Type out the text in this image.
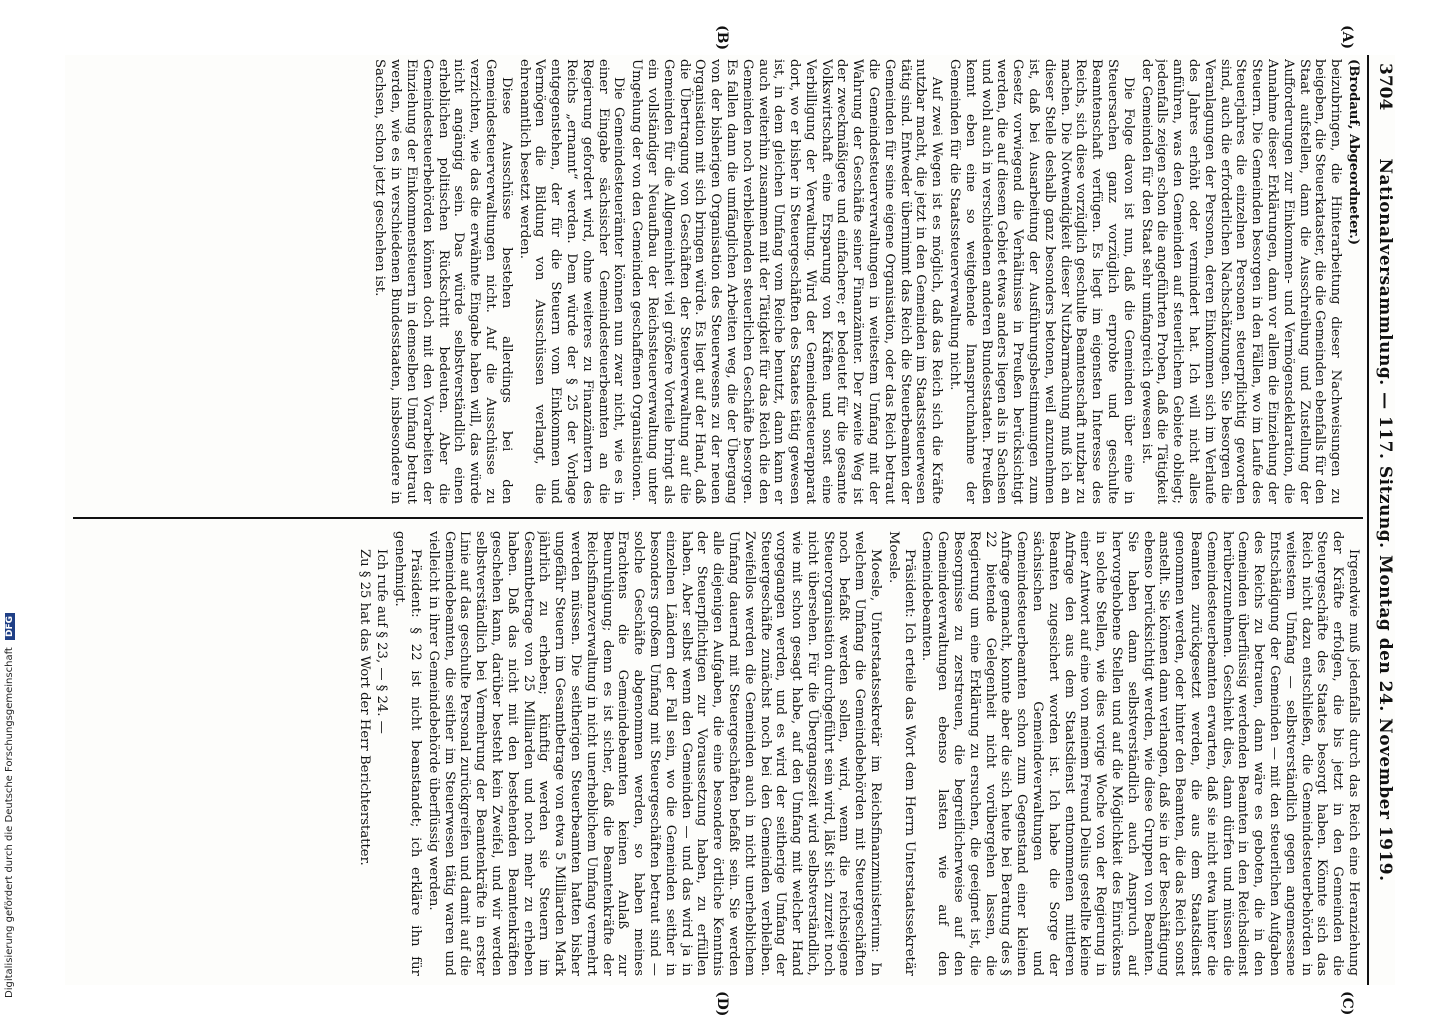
3704
Nationalversammlung. — 117. Sitzung. Montag den 24. November 1919.
(A)
(B)
(C)
(D)

(Brodauf, Abgeordneter.)

beizubringen, die Hinterarbeitung dieser Nachweisungen zu beigeben, die Steuerkataster, die die Gemeinden ebenfalls für den Staat aufstellen, dann die Ausschreibung und Zustellung der Aufforderungen zur Einkommen- und Vermögensdeklaration, die Annahme dieser Erklärungen, dann vor allem die Einziehung der Steuern. Die Gemeinden besorgen in den Fällen, wo im Laufe des Steuerjahres die einzelnen Personen steuerpflichtig geworden sind, auch die erforderlichen Nachschätzungen. Sie besorgen die Veranlagungen der Personen, deren Einkommen sich im Verlaufe des Jahres erhöht oder vermindert hat. Ich will nicht alles anführen, was den Gemeinden auf steuerlichem Gebiete obliegt; jedenfalls zeigen schon die angeführten Proben, daß die Tätigkeit der Gemeinden für den Staat sehr umfangreich gewesen ist.

Die Folge davon ist nun, daß die Gemeinden über eine in Steuersachen ganz vorzüglich erprobte und geschulte Beamtenschaft verfügen. Es liegt im eigensten Interesse des Reichs, sich diese vorzüglich geschulte Beamtenschaft nutzbar zu machen. Die Notwendigkeit dieser Nutzbarmachung muß ich an dieser Stelle deshalb ganz besonders betonen, weil anzunehmen ist, daß bei Ausarbeitung der Ausführungsbestimmungen zum Gesetz vorwiegend die Verhältnisse in Preußen berücksichtigt werden, die auf diesem Gebiet etwas anders liegen als in Sachsen und wohl auch in verschiedenen anderen Bundesstaaten. Preußen kennt eben eine so weitgehende Inanspruchnahme der Gemeinden für die Staatssteuerverwaltung nicht.

Auf zwei Wegen ist es möglich, daß das Reich sich die Kräfte nutzbar macht, die jetzt in den Gemeinden im Staatssteuerwesen tätig sind. Entweder übernimmt das Reich die Steuerbeamten der Gemeinden für seine eigene Organisation, oder das Reich betraut die Gemeindesteuerverwaltungen in weitestem Umfang mit der Wahrung der Geschäfte seiner Finanzämter. Der zweite Weg ist der zweckmäßigere und einfachere; er bedeutet für die gesamte Volkswirtschaft eine Ersparung von Kräften und sonst eine Verbilligung der Verwaltung. Wird der Gemeindesteuerapparat dort, wo er bisher in Steuergeschäften des Staates tätig gewesen ist, in dem gleichen Umfang vom Reiche benutzt, dann kann er auch weiterhin zusammen mit der Tätigkeit für das Reich die den Gemeinden noch verbleibenden steuerlichen Geschäfte besorgen. Es fallen dann die umfänglichen Arbeiten weg, die der Übergang von der bisherigen Organisation des Steuerwesens zu der neuen Organisation mit sich bringen würde. Es liegt auf der Hand, daß die Übertragung von Geschäften der Steuerverwaltung auf die Gemeinden für die Allgemeinheit viel größere Vorteile bringt als ein vollständiger Neuaufbau der Reichssteuerverwaltung unter Umgehung der von den Gemeinden geschaffenen Organisationen.

Die Gemeindesteuerämter können nun zwar nicht, wie es in einer Eingabe sächsischer Gemeindesteuerbeamten an die Regierung gefordert wird, ohne weiteres zu Finanzämtern des Reichs „ernannt“ werden. Dem würde der § 25 der Vorlage entgegenstehen, der für die Steuern vom Einkommen und Vermögen die Bildung von Ausschüssen verlangt, die ehrenamtlich besetzt werden.

Diese Ausschüsse bestehen allerdings bei den Gemeindesteuerverwaltungen nicht. Auf die Ausschüsse zu verzichten, wie das die erwähnte Eingabe haben will, das würde nicht angängig sein. Das würde selbstverständlich einen erheblichen politischen Rückschritt bedeuten. Aber die Gemeindesteuerbehörden können doch mit den Vorarbeiten der Einziehung der Einkommensteuern in demselben Umfang betraut werden, wie es in verschiedenen Bundesstaaten, insbesondere in Sachsen, schon jetzt geschehen ist.

Irgendwie muß jedenfalls durch das Reich eine Heranziehung der Kräfte erfolgen, die bis jetzt in den Gemeinden die Steuergeschäfte des Staates besorgt haben. Könnte sich das Reich nicht dazu entschließen, die Gemeindesteuerbehörden in weitestem Umfang — selbstverständlich gegen angemessene Entschädigung der Gemeinden — mit den steuerlichen Aufgaben des Reichs zu betrauen, dann wäre es geboten, die in den Gemeinden überflüssig werdenden Beamten in den Reichsdienst herüberzunehmen. Geschieht dies, dann dürfen und müssen die Gemeindesteuerbeamten erwarten, daß sie nicht etwa hinter die Beamten zurückgesetzt werden, die aus dem Staatsdienst genommen werden, oder hinter den Beamten, die das Reich sonst anstellt. Sie können dann verlangen, daß sie in der Beschäftigung ebenso berücksichtigt werden, wie diese Gruppen von Beamten. Sie haben dann selbstverständlich auch Anspruch auf hervorgehobene Stellen und auf die Möglichkeit des Einrückens in solche Stellen, wie dies vorige Woche von der Regierung in einer Antwort auf eine von meinem Freund Delius gestellte kleine Anfrage den aus dem Staatsdienst entnommenen mittleren Beamten zugesichert worden ist. Ich habe die Sorge der sächsischen Gemeindeverwaltungen und Gemeindesteuerbeamten schon zum Gegenstand einer kleinen Anfrage gemacht, konnte aber die sich heute bei Beratung des § 22 bietende Gelegenheit nicht vorübergehen lassen, die Regierung um eine Erklärung zu ersuchen, die geeignet ist, die Besorgnisse zu zerstreuen, die begreiflicherweise auf den Gemeindeverwaltungen ebenso lasten wie auf den Gemeindebeamten.

Präsident: Ich erteile das Wort dem Herrn Unterstaatssekretär Moesle.

Moesle, Unterstaatssekretär im Reichsfinanzministerium: In welchem Umfang die Gemeindebehörden mit Steuergeschäften noch befaßt werden sollen, wird, wenn die reichseigene Steuerorganisation durchgeführt sein wird, läßt sich zurzeit noch nicht übersehen. Für die Übergangszeit wird selbstverständlich, wie mit schon gesagt habe, auf den Umfang mit welcher Hand vorgegangen werden, und es wird der seitherige Umfang der Steuergeschäfte zunächst noch bei den Gemeinden verbleiben. Zweifellos werden die Gemeinden auch in nicht unerheblichem Umfang dauernd mit Steuergeschäften befaßt sein. Sie werden alle diejenigen Aufgaben, die eine besondere örtliche Kenntnis der Steuerpflichtigen zur Voraussetzung haben, zu erfüllen haben. Aber selbst wenn den Gemeinden — und das wird ja in einzelnen Ländern der Fall sein, wo die Gemeinden seither in besonders großem Umfang mit Steuergeschäften betraut sind — solche Geschäfte abgenommen werden, so haben meines Erachtens die Gemeindebeamten keinen Anlaß zur Beunruhigung; denn es ist sicher, daß die Beamtenkräfte der Reichsfinanzverwaltung in nicht unerheblichem Umfang vermehrt werden müssen. Die seitherigen Steuerbeamten hatten bisher ungefähr Steuern im Gesamtbetrage von etwa 5 Milliarden Mark jährlich zu erheben; künftig werden sie Steuern im Gesamtbetrage von 25 Milliarden und noch mehr zu erheben haben. Daß das nicht mit den bestehenden Beamtenkräften geschehen kann, darüber besteht kein Zweifel, und wir werden selbstverständlich bei Vermehrung der Beamtenkräfte in erster Linie auf das geschulte Personal zurückgreifen und damit auf die Gemeindebeamten, die seither im Steuerwesen tätig waren und vielleicht in ihrer Gemeindebehörde überflüssig werden.

Präsident: § 22 ist nicht beanstandet; ich erkläre ihn für genehmigt.

Ich rufe auf § 23, — § 24. —

Zu § 25 hat das Wort der Herr Berichterstatter.

Digitalisierung gefördert durch die Deutsche Forschungsgemeinschaft DFG
